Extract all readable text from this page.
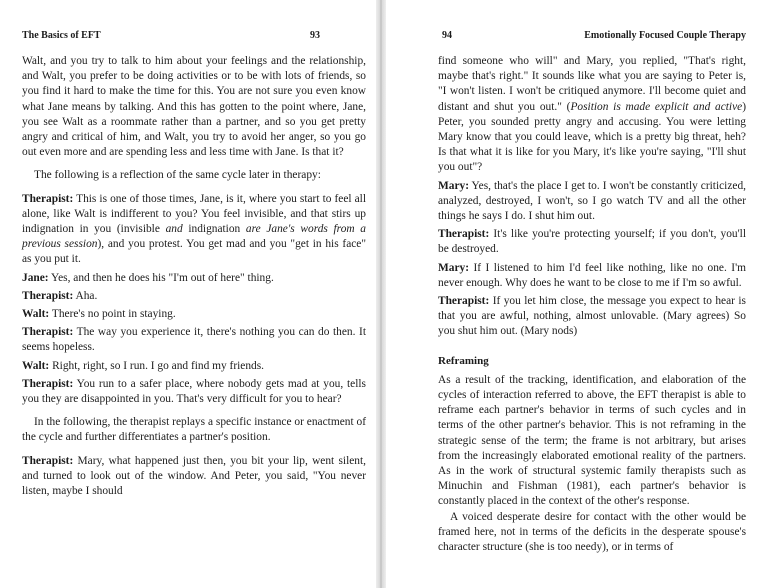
The Basics of EFT	93

Walt, and you try to talk to him about your feelings and the relationship, and Walt, you prefer to be doing activities or to be with lots of friends, so you find it hard to make the time for this. You are not sure you even know what Jane means by talking. And this has gotten to the point where, Jane, you see Walt as a roommate rather than a partner, and so you get pretty angry and critical of him, and Walt, you try to avoid her anger, so you go out even more and are spending less and less time with Jane. Is that it?

The following is a reflection of the same cycle later in therapy:

Therapist: This is one of those times, Jane, is it, where you start to feel all alone, like Walt is indifferent to you? You feel invisible, and that stirs up indignation in you (invisible and indignation are Jane's words from a previous session), and you protest. You get mad and you "get in his face" as you put it.

Jane: Yes, and then he does his "I'm out of here" thing.

Therapist: Aha.

Walt: There's no point in staying.

Therapist: The way you experience it, there's nothing you can do then. It seems hopeless.

Walt: Right, right, so I run. I go and find my friends.

Therapist: You run to a safer place, where nobody gets mad at you, tells you they are disappointed in you. That's very difficult for you to hear?

In the following, the therapist replays a specific instance or enactment of the cycle and further differentiates a partner's position.

Therapist: Mary, what happened just then, you bit your lip, went silent, and turned to look out of the window. And Peter, you said, "You never listen, maybe I should

94	Emotionally Focused Couple Therapy

find someone who will" and Mary, you replied, "That's right, maybe that's right." It sounds like what you are saying to Peter is, "I won't listen. I won't be critiqued anymore. I'll become quiet and distant and shut you out." (Position is made explicit and active) Peter, you sounded pretty angry and accusing. You were letting Mary know that you could leave, which is a pretty big threat, heh? Is that what it is like for you Mary, it's like you're saying, "I'll shut you out"?

Mary: Yes, that's the place I get to. I won't be constantly criticized, analyzed, destroyed, I won't, so I go watch TV and all the other things he says I do. I shut him out.

Therapist: It's like you're protecting yourself; if you don't, you'll be destroyed.

Mary: If I listened to him I'd feel like nothing, like no one. I'm never enough. Why does he want to be close to me if I'm so awful.

Therapist: If you let him close, the message you expect to hear is that you are awful, nothing, almost unlovable. (Mary agrees) So you shut him out. (Mary nods)

Reframing

As a result of the tracking, identification, and elaboration of the cycles of interaction referred to above, the EFT therapist is able to reframe each partner's behavior in terms of such cycles and in terms of the other partner's behavior. This is not reframing in the strategic sense of the term; the frame is not arbitrary, but arises from the increasingly elaborated emotional reality of the partners. As in the work of structural systemic family therapists such as Minuchin and Fishman (1981), each partner's behavior is constantly placed in the context of the other's response.

A voiced desperate desire for contact with the other would be framed here, not in terms of the deficits in the desperate spouse's character structure (she is too needy), or in terms of
